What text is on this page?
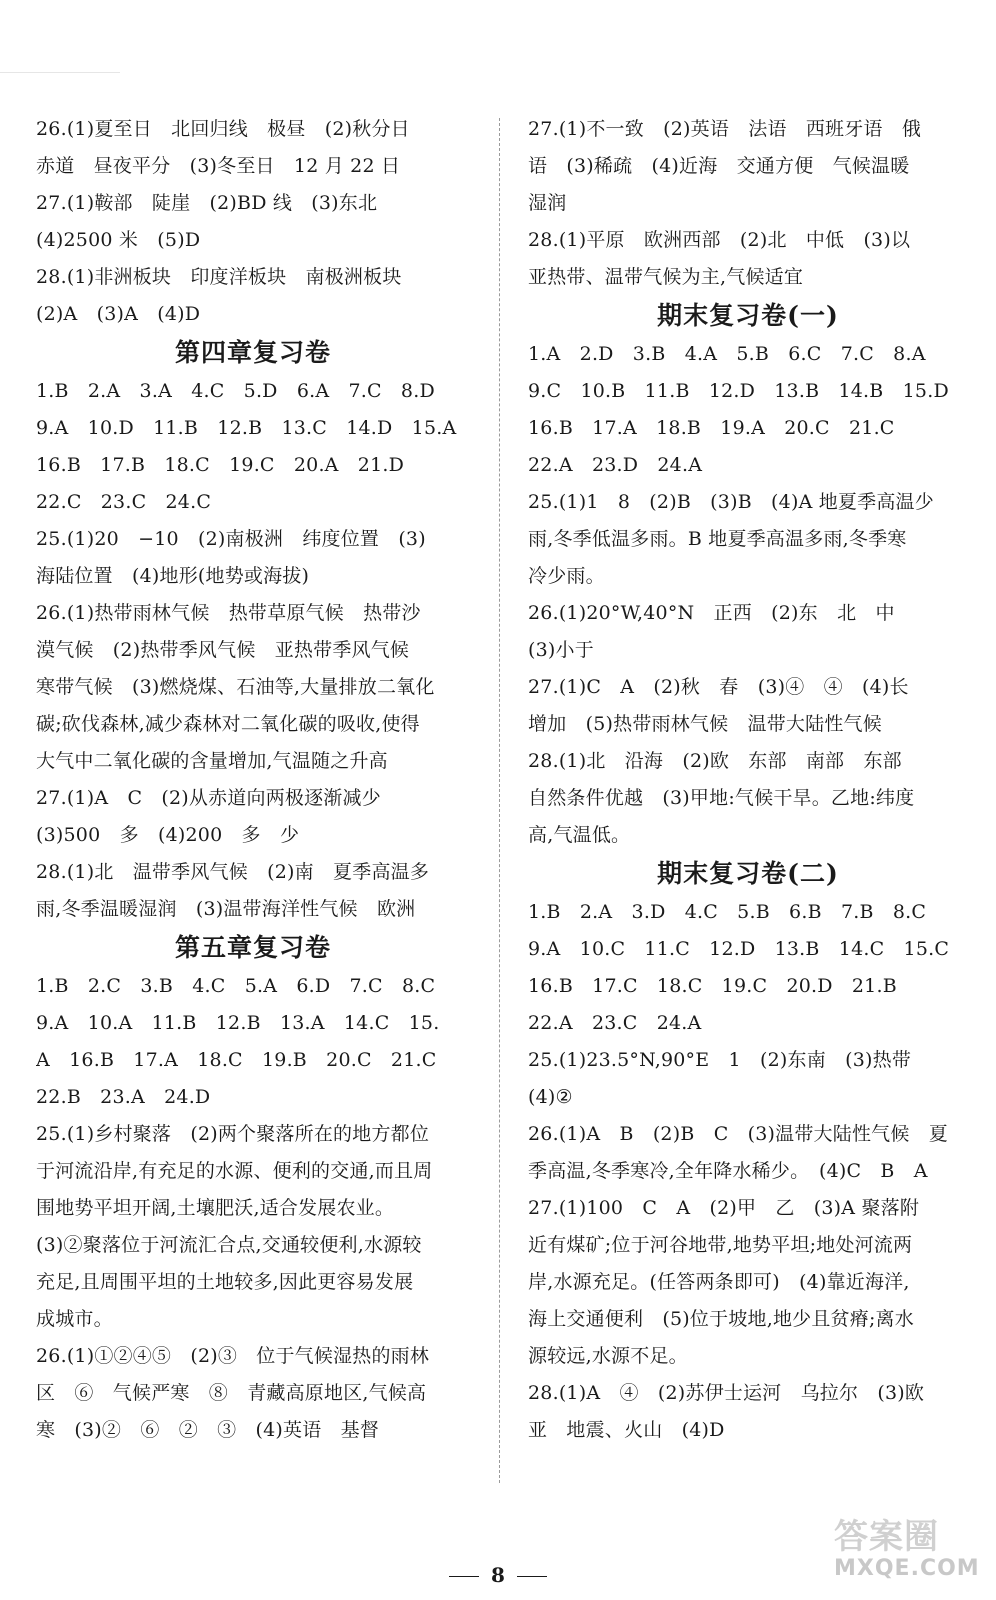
26.(1)夏至日　北回归线　极昼　(2)秋分日
赤道　昼夜平分　(3)冬至日　12 月 22 日
27.(1)鞍部　陡崖　(2)BD 线　(3)东北
(4)2500 米　(5)D
28.(1)非洲板块　印度洋板块　南极洲板块
(2)A　(3)A　(4)D
第四章复习卷
1.B　2.A　3.A　4.C　5.D　6.A　7.C　8.D
9.A　10.D　11.B　12.B　13.C　14.D　15.A
16.B　17.B　18.C　19.C　20.A　21.D
22.C　23.C　24.C
25.(1)20　−10　(2)南极洲　纬度位置　(3)
海陆位置　(4)地形(地势或海拔)
26.(1)热带雨林气候　热带草原气候　热带沙
漠气候　(2)热带季风气候　亚热带季风气候
寒带气候　(3)燃烧煤、石油等,大量排放二氧化
碳;砍伐森林,减少森林对二氧化碳的吸收,使得
大气中二氧化碳的含量增加,气温随之升高
27.(1)A　C　(2)从赤道向两极逐渐减少
(3)500　多　(4)200　多　少
28.(1)北　温带季风气候　(2)南　夏季高温多
雨,冬季温暖湿润　(3)温带海洋性气候　欧洲
第五章复习卷
1.B　2.C　3.B　4.C　5.A　6.D　7.C　8.C
9.A　10.A　11.B　12.B　13.A　14.C　15.
A　16.B　17.A　18.C　19.B　20.C　21.C
22.B　23.A　24.D
25.(1)乡村聚落　(2)两个聚落所在的地方都位
于河流沿岸,有充足的水源、便利的交通,而且周
围地势平坦开阔,土壤肥沃,适合发展农业。
(3)②聚落位于河流汇合点,交通较便利,水源较
充足,且周围平坦的土地较多,因此更容易发展
成城市。
26.(1)①②④⑤　(2)③　位于气候湿热的雨林
区　⑥　气候严寒　⑧　青藏高原地区,气候高
寒　(3)②　⑥　②　③　(4)英语　基督
27.(1)不一致　(2)英语　法语　西班牙语　俄
语　(3)稀疏　(4)近海　交通方便　气候温暖
湿润
28.(1)平原　欧洲西部　(2)北　中低　(3)以
亚热带、温带气候为主,气候适宜
期末复习卷(一)
1.A　2.D　3.B　4.A　5.B　6.C　7.C　8.A
9.C　10.B　11.B　12.D　13.B　14.B　15.D
16.B　17.A　18.B　19.A　20.C　21.C
22.A　23.D　24.A
25.(1)1　8　(2)B　(3)B　(4)A 地夏季高温少
雨,冬季低温多雨。B 地夏季高温多雨,冬季寒
冷少雨。
26.(1)20°W,40°N　正西　(2)东　北　中
(3)小于
27.(1)C　A　(2)秋　春　(3)④　④　(4)长
增加　(5)热带雨林气候　温带大陆性气候
28.(1)北　沿海　(2)欧　东部　南部　东部
自然条件优越　(3)甲地:气候干旱。乙地:纬度
高,气温低。
期末复习卷(二)
1.B　2.A　3.D　4.C　5.B　6.B　7.B　8.C
9.A　10.C　11.C　12.D　13.B　14.C　15.C
16.B　17.C　18.C　19.C　20.D　21.B
22.A　23.C　24.A
25.(1)23.5°N,90°E　1　(2)东南　(3)热带
(4)②
26.(1)A　B　(2)B　C　(3)温带大陆性气候　夏
季高温,冬季寒冷,全年降水稀少。　(4)C　B　A
27.(1)100　C　A　(2)甲　乙　(3)A 聚落附
近有煤矿;位于河谷地带,地势平坦;地处河流两
岸,水源充足。(任答两条即可)　(4)靠近海洋,
海上交通便利　(5)位于坡地,地少且贫瘠;离水
源较远,水源不足。
28.(1)A　④　(2)苏伊士运河　乌拉尔　(3)欧
亚　地震、火山　(4)D
8
答案圈
MXQE.COM
